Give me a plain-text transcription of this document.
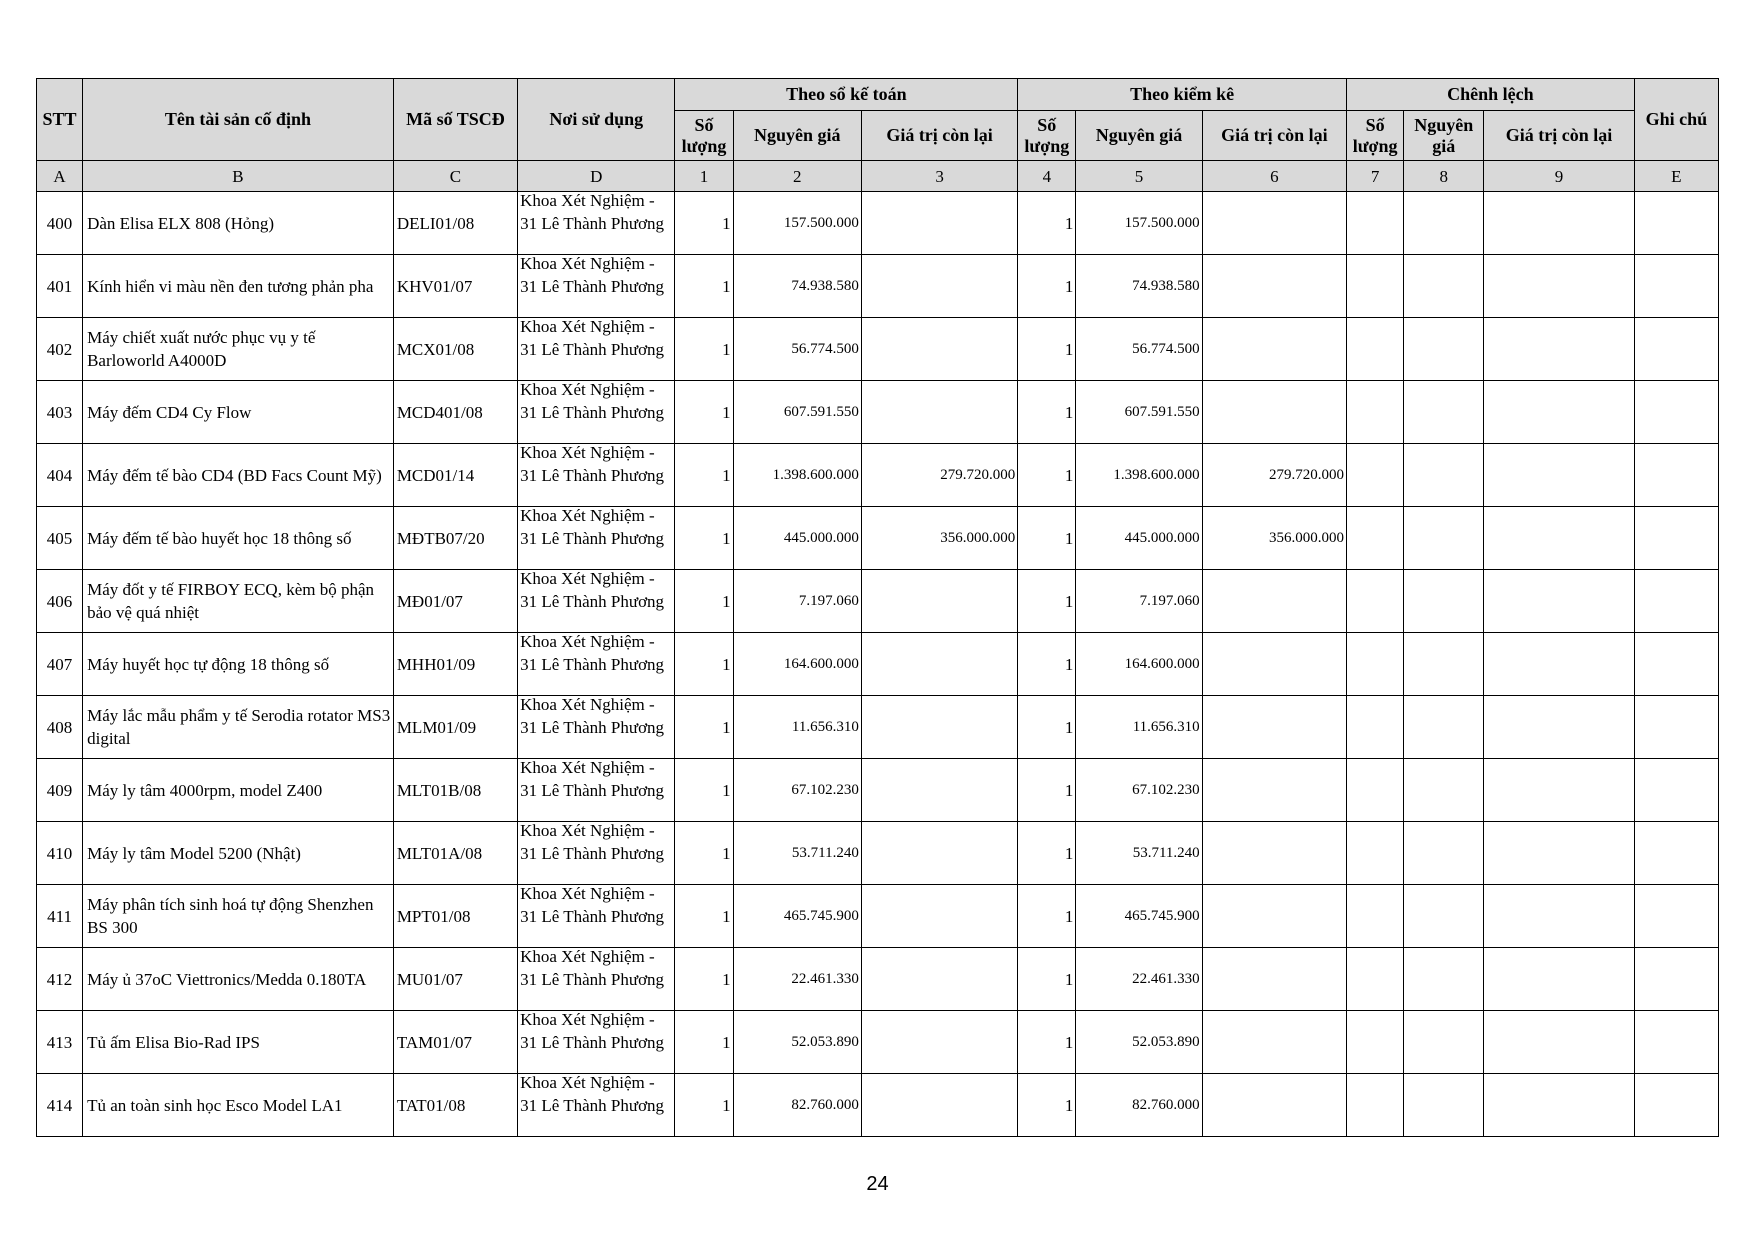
STT	Tên tài sản cố định	Mã số TSCĐ	Nơi sử dụng	Theo sổ kế toán			Theo kiểm kê			Chênh lệch			Ghi chú
				Số lượng	Nguyên giá	Giá trị còn lại	Số lượng	Nguyên giá	Giá trị còn lại	Số lượng	Nguyên giá	Giá trị còn lại	
A	B	C	D	1	2	3	4	5	6	7	8	9	E
400	Dàn Elisa ELX 808 (Hỏng)	DELI01/08	Khoa Xét Nghiệm - 31 Lê Thành Phương	1	157.500.000		1	157.500.000					
401	Kính hiển vi màu nền đen tương phản pha	KHV01/07	Khoa Xét Nghiệm - 31 Lê Thành Phương	1	74.938.580		1	74.938.580					
402	Máy chiết xuất nước phục vụ y tế Barloworld A4000D	MCX01/08	Khoa Xét Nghiệm - 31 Lê Thành Phương	1	56.774.500		1	56.774.500					
403	Máy đếm CD4 Cy Flow	MCD401/08	Khoa Xét Nghiệm - 31 Lê Thành Phương	1	607.591.550		1	607.591.550					
404	Máy đếm tế bào CD4 (BD Facs Count Mỹ)	MCD01/14	Khoa Xét Nghiệm - 31 Lê Thành Phương	1	1.398.600.000	279.720.000	1	1.398.600.000	279.720.000				
405	Máy đếm tế bào huyết học 18 thông số	MĐTB07/20	Khoa Xét Nghiệm - 31 Lê Thành Phương	1	445.000.000	356.000.000	1	445.000.000	356.000.000				
406	Máy đốt y tế FIRBOY ECQ, kèm bộ phận bảo vệ quá nhiệt	MĐ01/07	Khoa Xét Nghiệm - 31 Lê Thành Phương	1	7.197.060		1	7.197.060					
407	Máy huyết học tự động 18 thông số	MHH01/09	Khoa Xét Nghiệm - 31 Lê Thành Phương	1	164.600.000		1	164.600.000					
408	Máy lắc mẫu phẩm y tế Serodia rotator MS3 digital	MLM01/09	Khoa Xét Nghiệm - 31 Lê Thành Phương	1	11.656.310		1	11.656.310					
409	Máy ly tâm 4000rpm, model Z400	MLT01B/08	Khoa Xét Nghiệm - 31 Lê Thành Phương	1	67.102.230		1	67.102.230					
410	Máy ly tâm Model 5200 (Nhật)	MLT01A/08	Khoa Xét Nghiệm - 31 Lê Thành Phương	1	53.711.240		1	53.711.240					
411	Máy phân tích sinh hoá tự động Shenzhen BS 300	MPT01/08	Khoa Xét Nghiệm - 31 Lê Thành Phương	1	465.745.900		1	465.745.900					
412	Máy ủ 37oC Viettronics/Medda 0.180TA	MU01/07	Khoa Xét Nghiệm - 31 Lê Thành Phương	1	22.461.330		1	22.461.330					
413	Tủ ấm Elisa Bio-Rad IPS	TAM01/07	Khoa Xét Nghiệm - 31 Lê Thành Phương	1	52.053.890		1	52.053.890					
414	Tủ an toàn sinh học Esco Model LA1	TAT01/08	Khoa Xét Nghiệm - 31 Lê Thành Phương	1	82.760.000		1	82.760.000					
24
